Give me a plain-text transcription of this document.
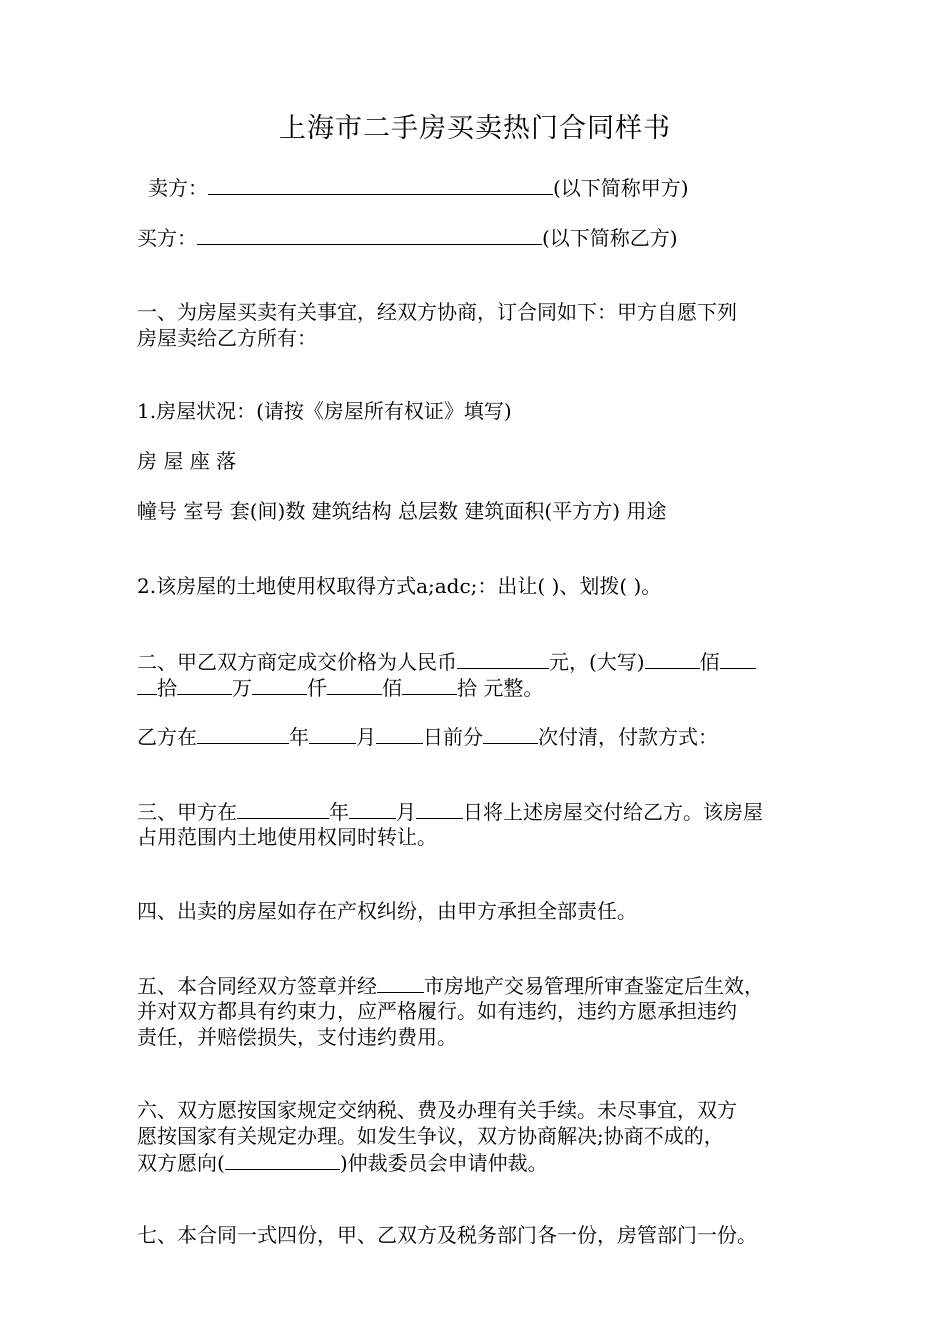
上海市二手房买卖热门合同样书
卖方：	(以下简称甲方)
买方：	(以下简称乙方)
一、为房屋买卖有关事宜，经双方协商，订合同如下：甲方自愿下列
房屋卖给乙方所有：
1.房屋状况：(请按《房屋所有权证》填写)
房 屋 座 落
幢号 室号 套(间)数 建筑结构 总层数 建筑面积(平方方) 用途
2.该房屋的土地使用权取得方式a;adc;：出让( )、划拨( )。
二、甲乙双方商定成交价格为人民币	元，(大写)	佰
拾	万	仟	佰	拾 元整。
乙方在	年 月 日前分	次付清，付款方式：
三、甲方在	年 月 日将上述房屋交付给乙方。该房屋
占用范围内土地使用权同时转让。
四、出卖的房屋如存在产权纠纷，由甲方承担全部责任。
五、本合同经双方签章并经 市房地产交易管理所审查鉴定后生效，
并对双方都具有约束力，应严格履行。如有违约，违约方愿承担违约
责任，并赔偿损失，支付违约费用。
六、双方愿按国家规定交纳税、费及办理有关手续。未尽事宜，双方
愿按国家有关规定办理。如发生争议，双方协商解决;协商不成的，
双方愿向(	)仲裁委员会申请仲裁。
七、本合同一式四份，甲、乙双方及税务部门各一份，房管部门一份。
